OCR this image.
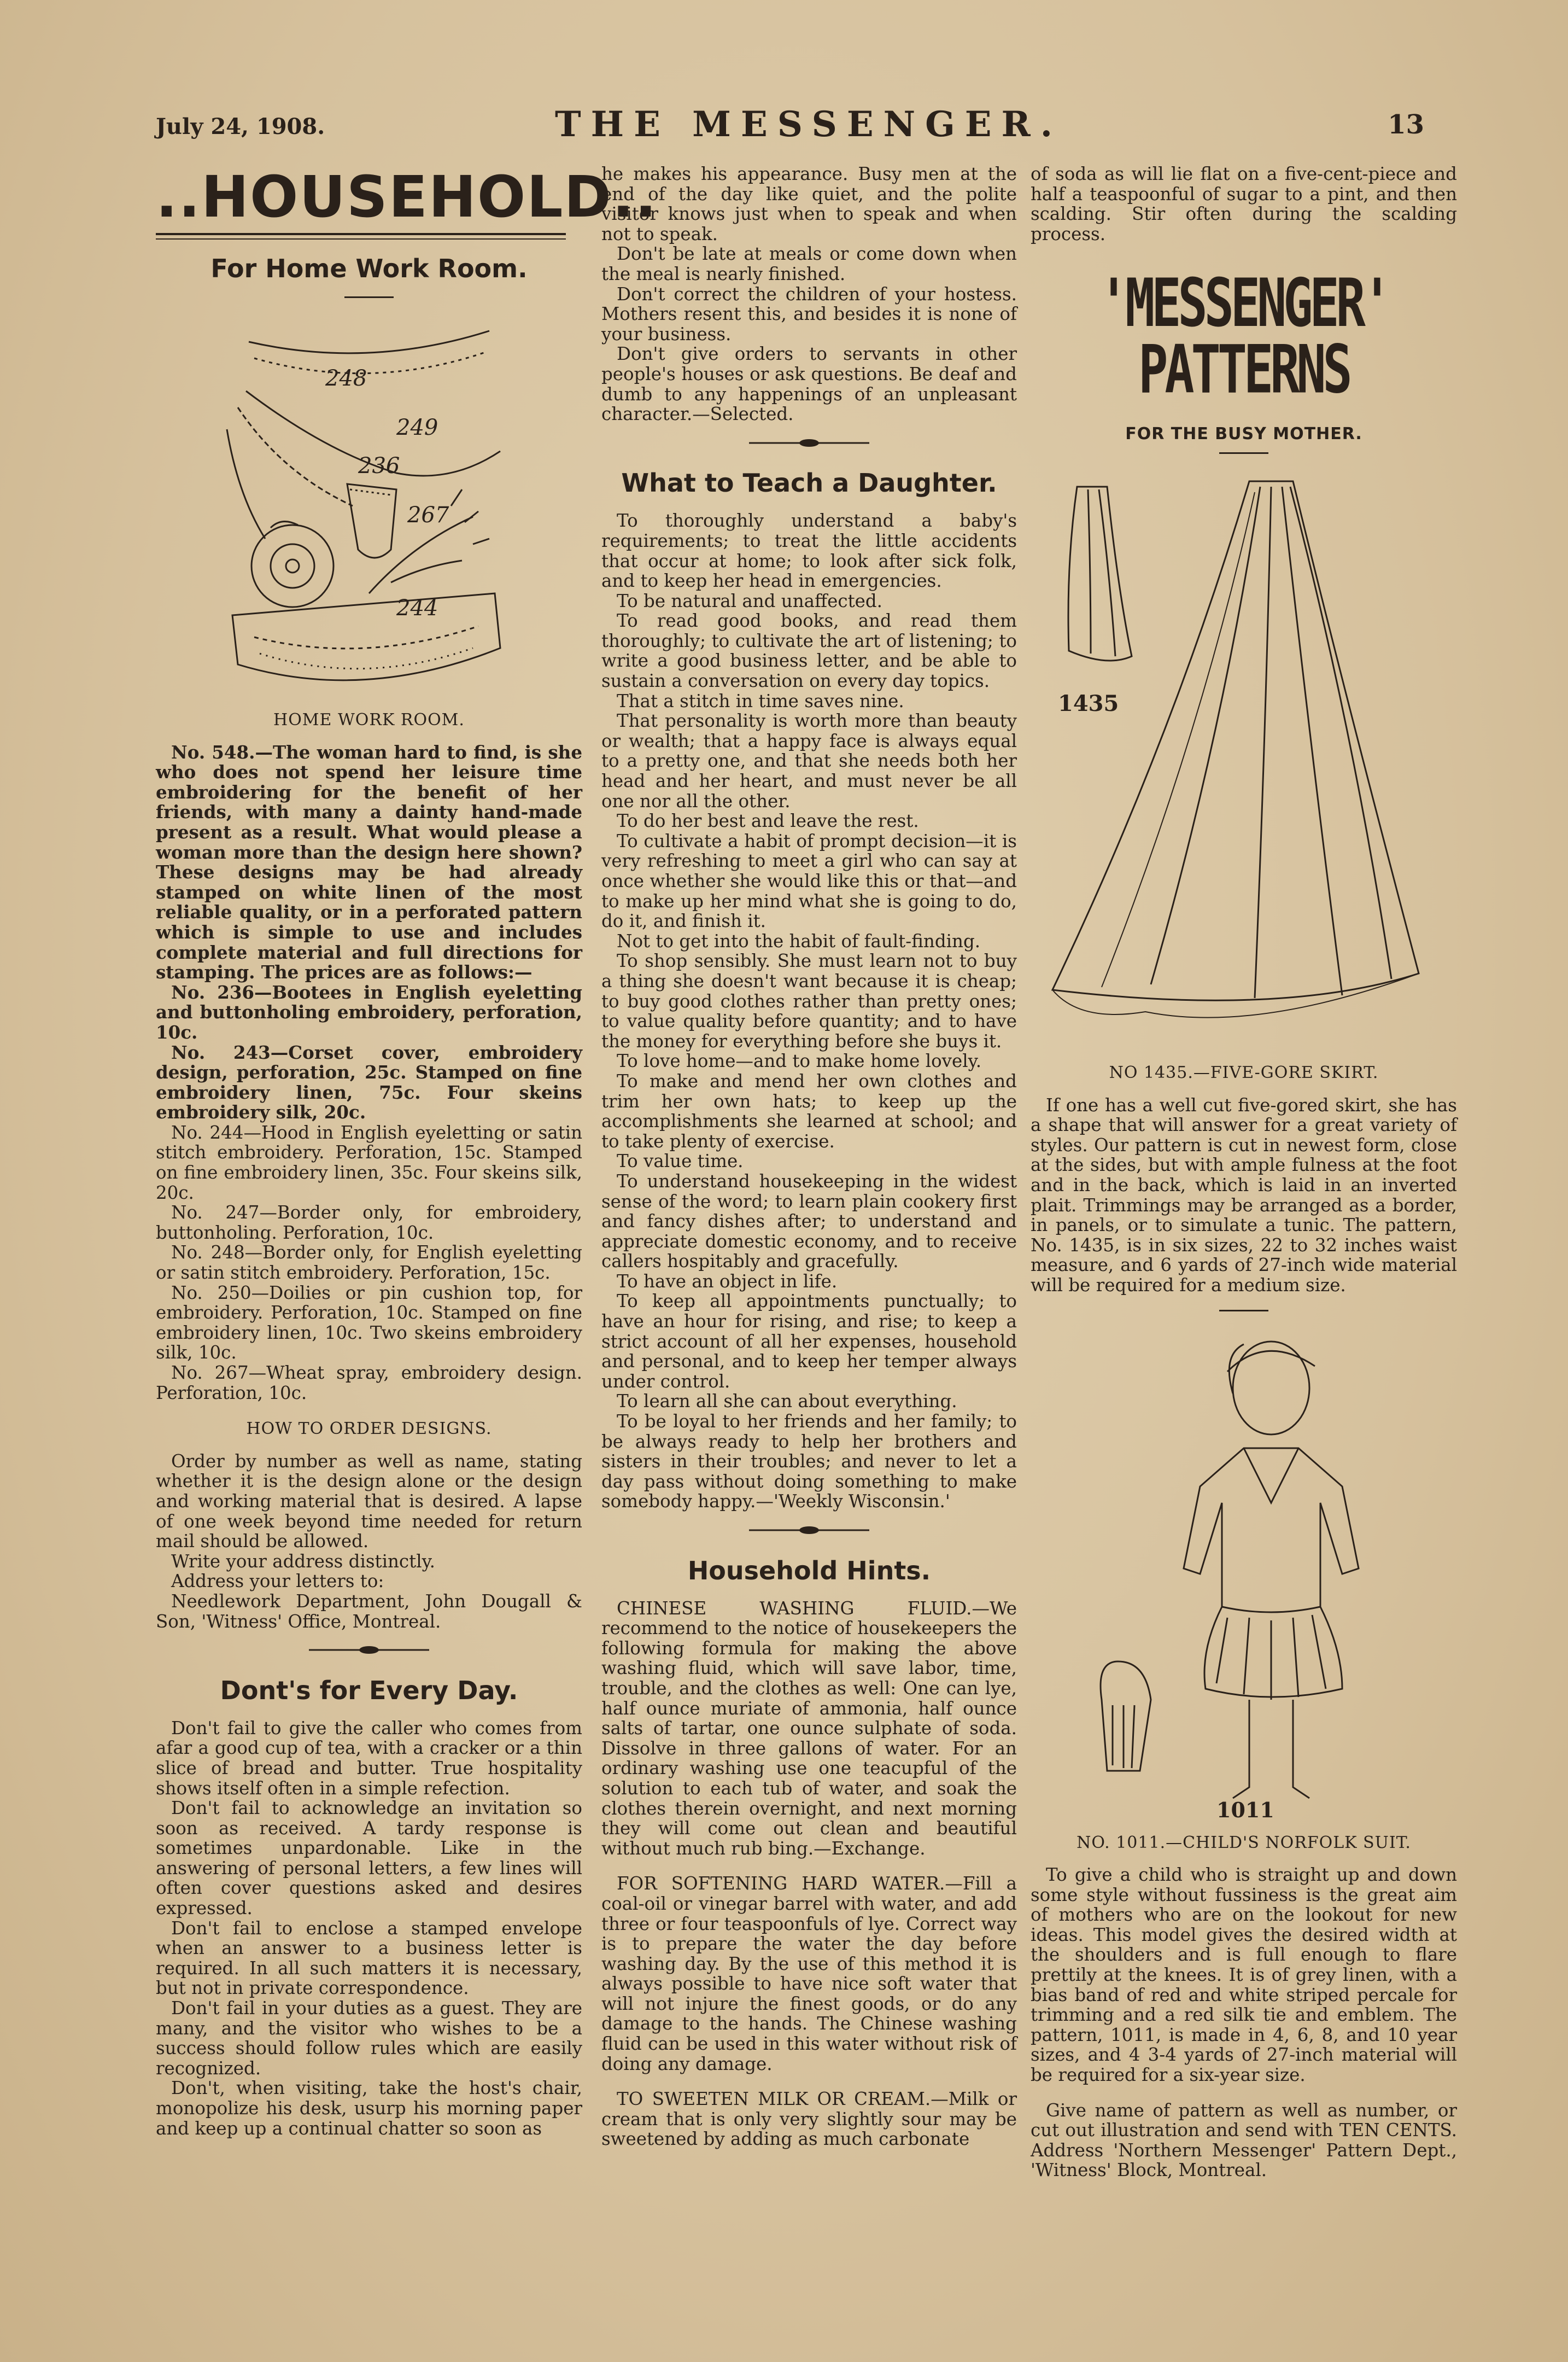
July 24, 1908.	THE MESSENGER.	13
..HOUSEHOLD..
For Home Work Room.
248
249
236
267
244
HOME WORK ROOM.

No. 548.—The woman hard to find, is she who does not spend her leisure time embroidering for the benefit of her friends, with many a dainty hand-made present as a result. What would please a woman more than the design here shown? These designs may be had already stamped on white linen of the most reliable quality, or in a perforated pattern which is simple to use and includes complete material and full directions for stamping. The prices are as follows:—

No. 236—Bootees in English eyeletting and buttonholing embroidery, perforation, 10c.

No. 243—Corset cover, embroidery design, perforation, 25c. Stamped on fine embroidery linen, 75c. Four skeins embroidery silk, 20c.

No. 244—Hood in English eyeletting or satin stitch embroidery. Perforation, 15c. Stamped on fine embroidery linen, 35c. Four skeins silk, 20c.

No. 247—Border only, for embroidery, buttonholing. Perforation, 10c.

No. 248—Border only, for English eyeletting or satin stitch embroidery. Perforation, 15c.

No. 250—Doilies or pin cushion top, for embroidery. Perforation, 10c. Stamped on fine embroidery linen, 10c. Two skeins embroidery silk, 10c.

No. 267—Wheat spray, embroidery design. Perforation, 10c.

HOW TO ORDER DESIGNS.

Order by number as well as name, stating whether it is the design alone or the design and working material that is desired. A lapse of one week beyond time needed for return mail should be allowed.

Write your address distinctly.

Address your letters to:

Needlework Department, John Dougall & Son, 'Witness' Office, Montreal.

Dont's for Every Day.

Don't fail to give the caller who comes from afar a good cup of tea, with a cracker or a thin slice of bread and butter. True hospitality shows itself often in a simple refection.

Don't fail to acknowledge an invitation so soon as received. A tardy response is sometimes unpardonable. Like in the answering of personal letters, a few lines will often cover questions asked and desires expressed.

Don't fail to enclose a stamped envelope when an answer to a business letter is required. In all such matters it is necessary, but not in private correspondence.

Don't fail in your duties as a guest. They are many, and the visitor who wishes to be a success should follow rules which are easily recognized.

Don't, when visiting, take the host's chair, monopolize his desk, usurp his morning paper and keep up a continual chatter so soon as

he makes his appearance. Busy men at the end of the day like quiet, and the polite visitor knows just when to speak and when not to speak.

Don't be late at meals or come down when the meal is nearly finished.

Don't correct the children of your hostess. Mothers resent this, and besides it is none of your business.

Don't give orders to servants in other people's houses or ask questions. Be deaf and dumb to any happenings of an unpleasant character.—Selected.

What to Teach a Daughter.

To thoroughly understand a baby's requirements; to treat the little accidents that occur at home; to look after sick folk, and to keep her head in emergencies.

To be natural and unaffected.

To read good books, and read them thoroughly; to cultivate the art of listening; to write a good business letter, and be able to sustain a conversation on every day topics.

That a stitch in time saves nine.

That personality is worth more than beauty or wealth; that a happy face is always equal to a pretty one, and that she needs both her head and her heart, and must never be all one nor all the other.

To do her best and leave the rest.

To cultivate a habit of prompt decision—it is very refreshing to meet a girl who can say at once whether she would like this or that—and to make up her mind what she is going to do, do it, and finish it.

Not to get into the habit of fault-finding.

To shop sensibly. She must learn not to buy a thing she doesn't want because it is cheap; to buy good clothes rather than pretty ones; to value quality before quantity; and to have the money for everything before she buys it.

To love home—and to make home lovely.

To make and mend her own clothes and trim her own hats; to keep up the accomplishments she learned at school; and to take plenty of exercise.

To value time.

To understand housekeeping in the widest sense of the word; to learn plain cookery first and fancy dishes after; to understand and appreciate domestic economy, and to receive callers hospitably and gracefully.

To have an object in life.

To keep all appointments punctually; to have an hour for rising, and rise; to keep a strict account of all her expenses, household and personal, and to keep her temper always under control.

To learn all she can about everything.

To be loyal to her friends and her family; to be always ready to help her brothers and sisters in their troubles; and never to let a day pass without doing something to make somebody happy.—'Weekly Wisconsin.'

Household Hints.

CHINESE WASHING FLUID.—We recommend to the notice of housekeepers the following formula for making the above washing fluid, which will save labor, time, trouble, and the clothes as well: One can lye, half ounce muriate of ammonia, half ounce salts of tartar, one ounce sulphate of soda. Dissolve in three gallons of water. For an ordinary washing use one teacupful of the solution to each tub of water, and soak the clothes therein overnight, and next morning they will come out clean and beautiful without much rub bing.—Exchange.

FOR SOFTENING HARD WATER.—Fill a coal-oil or vinegar barrel with water, and add three or four teaspoonfuls of lye. Correct way is to prepare the water the day before washing day. By the use of this method it is always possible to have nice soft water that will not injure the finest goods, or do any damage to the hands. The Chinese washing fluid can be used in this water without risk of doing any damage.

TO SWEETEN MILK OR CREAM.—Milk or cream that is only very slightly sour may be sweetened by adding as much carbonate

of soda as will lie flat on a five-cent-piece and half a teaspoonful of sugar to a pint, and then scalding. Stir often during the scalding process.

'MESSENGER' PATTERNS
FOR THE BUSY MOTHER.
1435
NO 1435.—FIVE-GORE SKIRT.

If one has a well cut five-gored skirt, she has a shape that will answer for a great variety of styles. Our pattern is cut in newest form, close at the sides, but with ample fulness at the foot and in the back, which is laid in an inverted plait. Trimmings may be arranged as a border, in panels, or to simulate a tunic. The pattern, No. 1435, is in six sizes, 22 to 32 inches waist measure, and 6 yards of 27-inch wide material will be required for a medium size.

1011
NO. 1011.—CHILD'S NORFOLK SUIT.

To give a child who is straight up and down some style without fussiness is the great aim of mothers who are on the lookout for new ideas. This model gives the desired width at the shoulders and is full enough to flare prettily at the knees. It is of grey linen, with a bias band of red and white striped percale for trimming and a red silk tie and emblem. The pattern, 1011, is made in 4, 6, 8, and 10 year sizes, and 4 3-4 yards of 27-inch material will be required for a six-year size.

Give name of pattern as well as number, or cut out illustration and send with TEN CENTS. Address 'Northern Messenger' Pattern Dept., 'Witness' Block, Montreal.
